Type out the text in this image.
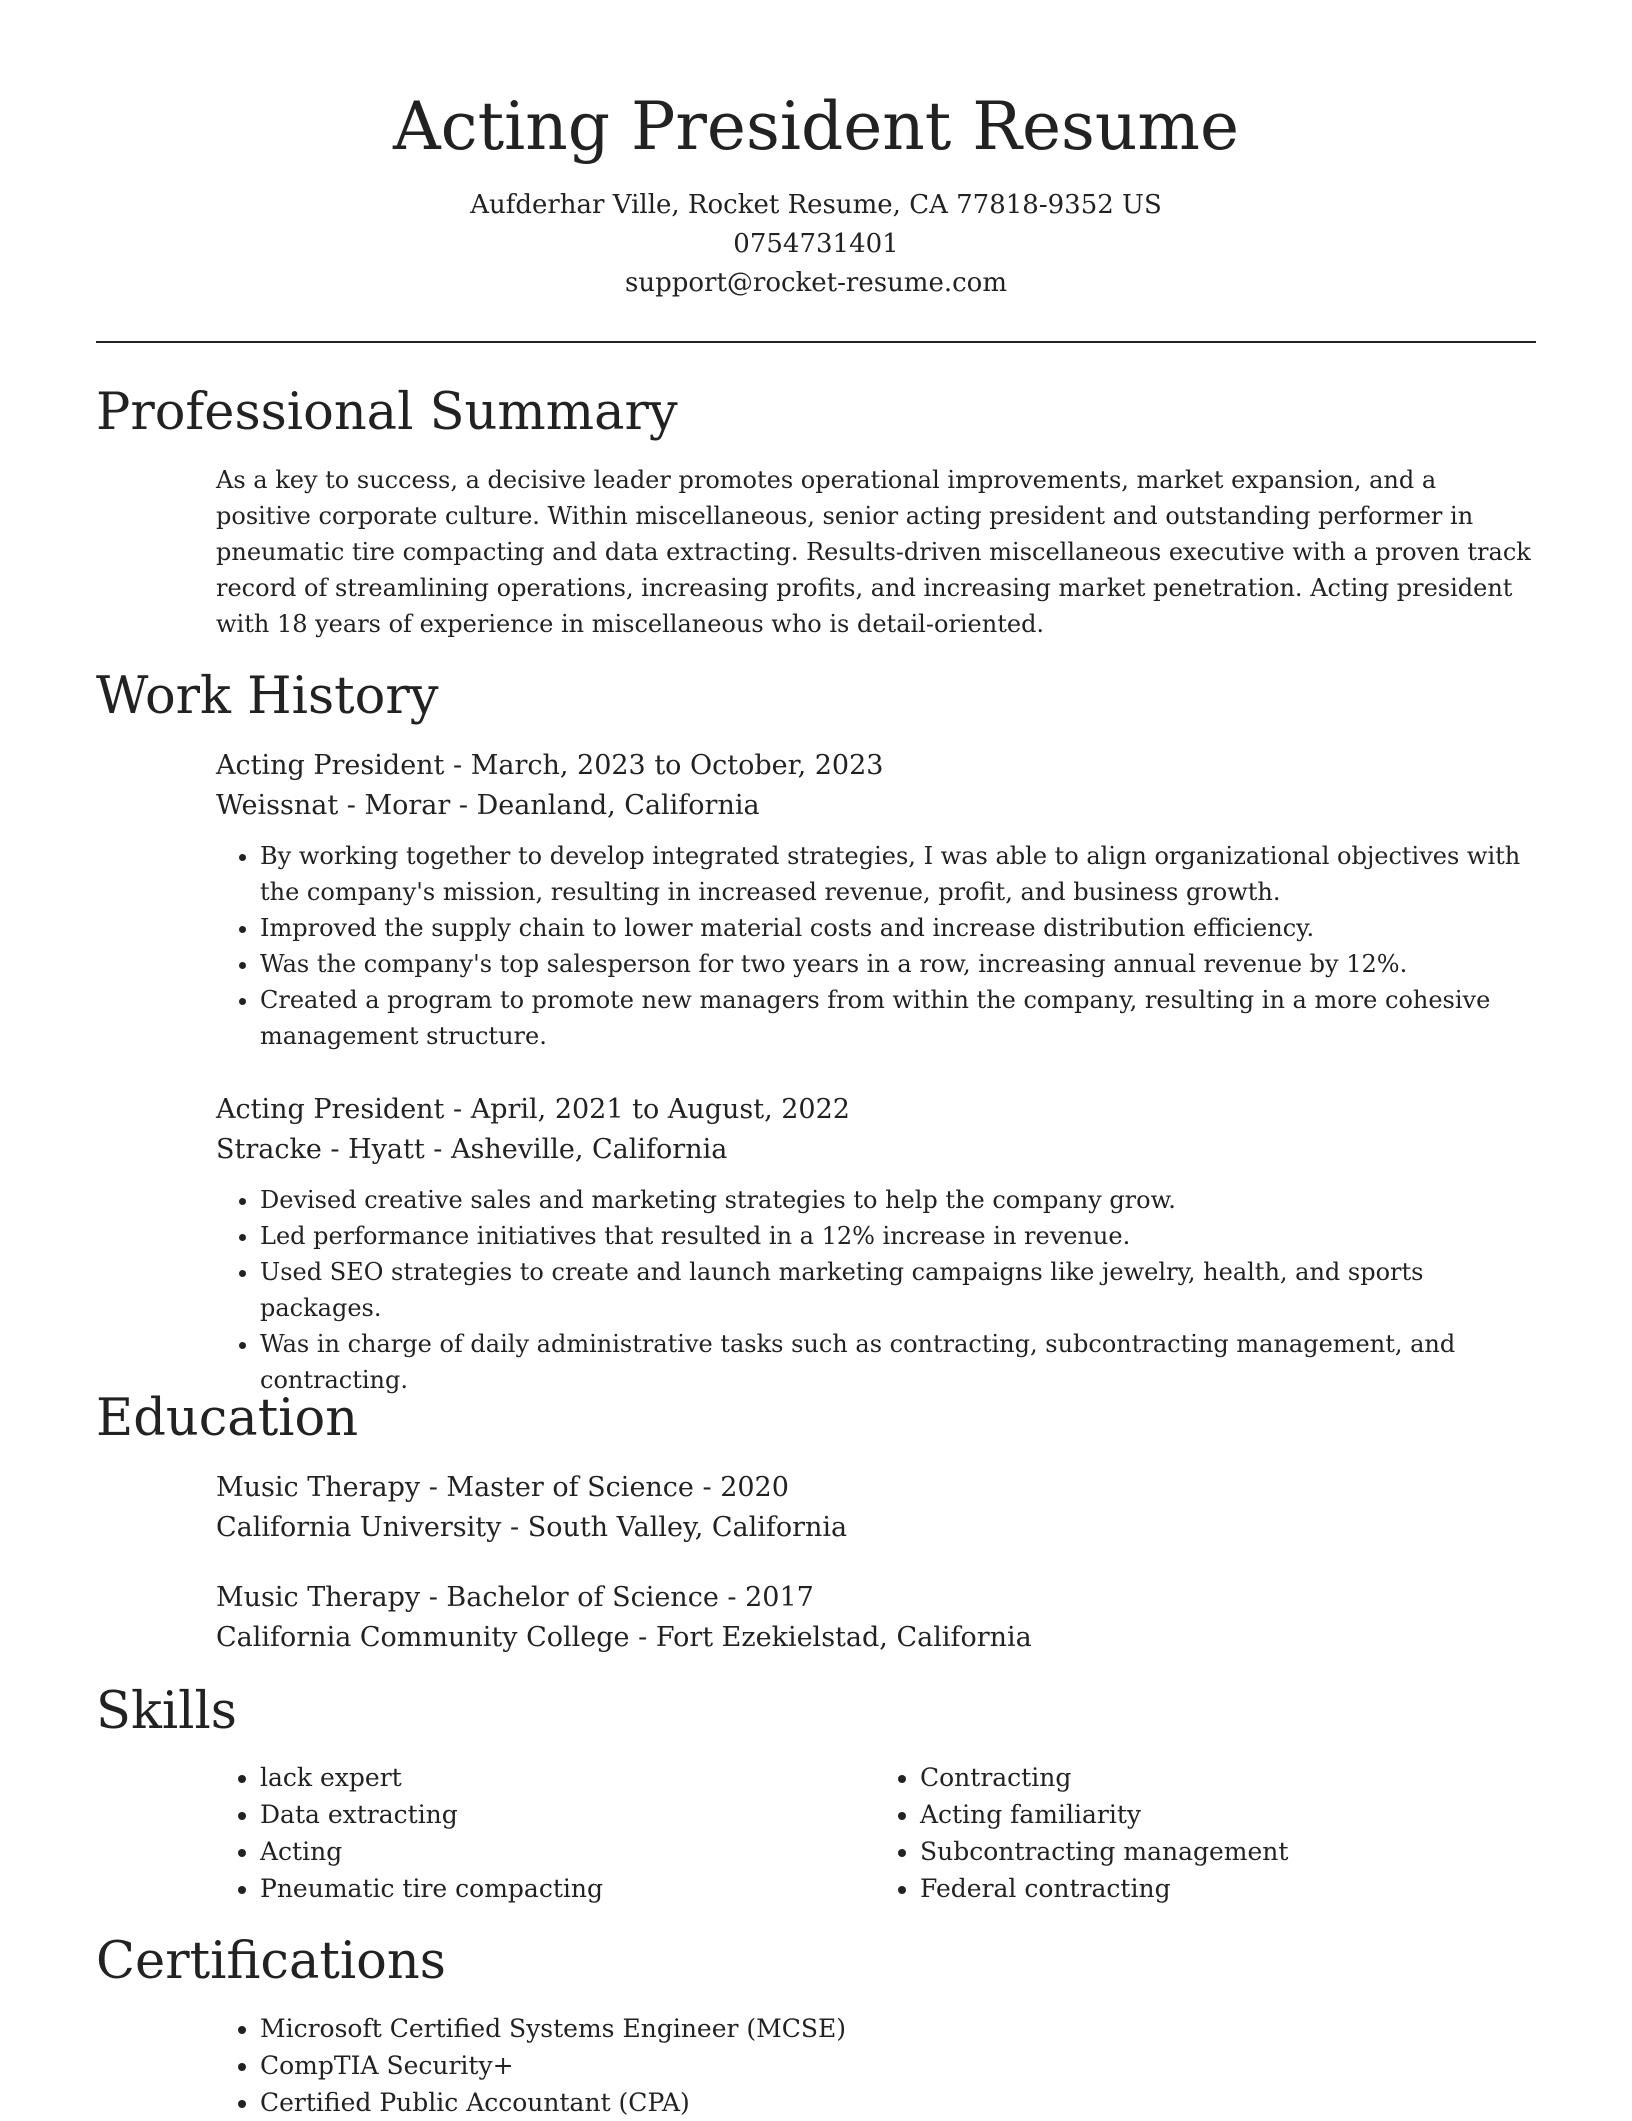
Acting President Resume
Aufderhar Ville, Rocket Resume, CA 77818-9352 US
0754731401
support@rocket-resume.com
Professional Summary

As a key to success, a decisive leader promotes operational improvements, market expansion, and a positive corporate culture. Within miscellaneous, senior acting president and outstanding performer in pneumatic tire compacting and data extracting. Results-driven miscellaneous executive with a proven track record of streamlining operations, increasing profits, and increasing market penetration. Acting president with 18 years of experience in miscellaneous who is detail-oriented.

Work History

Acting President - March, 2023 to October, 2023

Weissnat - Morar - Deanland, California

• By working together to develop integrated strategies, I was able to align organizational objectives with the company's mission, resulting in increased revenue, profit, and business growth.
• Improved the supply chain to lower material costs and increase distribution efficiency.
• Was the company's top salesperson for two years in a row, increasing annual revenue by 12%.
• Created a program to promote new managers from within the company, resulting in a more cohesive management structure.

Acting President - April, 2021 to August, 2022

Stracke - Hyatt - Asheville, California

• Devised creative sales and marketing strategies to help the company grow.
• Led performance initiatives that resulted in a 12% increase in revenue.
• Used SEO strategies to create and launch marketing campaigns like jewelry, health, and sports packages.
• Was in charge of daily administrative tasks such as contracting, subcontracting management, and contracting.
Education

Music Therapy - Master of Science - 2020

California University - South Valley, California

Music Therapy - Bachelor of Science - 2017

California Community College - Fort Ezekielstad, California

Skills
• lack expert
• Data extracting
• Acting
• Pneumatic tire compacting
• Contracting
• Acting familiarity
• Subcontracting management
• Federal contracting
Certifications
• Microsoft Certified Systems Engineer (MCSE)
• CompTIA Security+
• Certified Public Accountant (CPA)
